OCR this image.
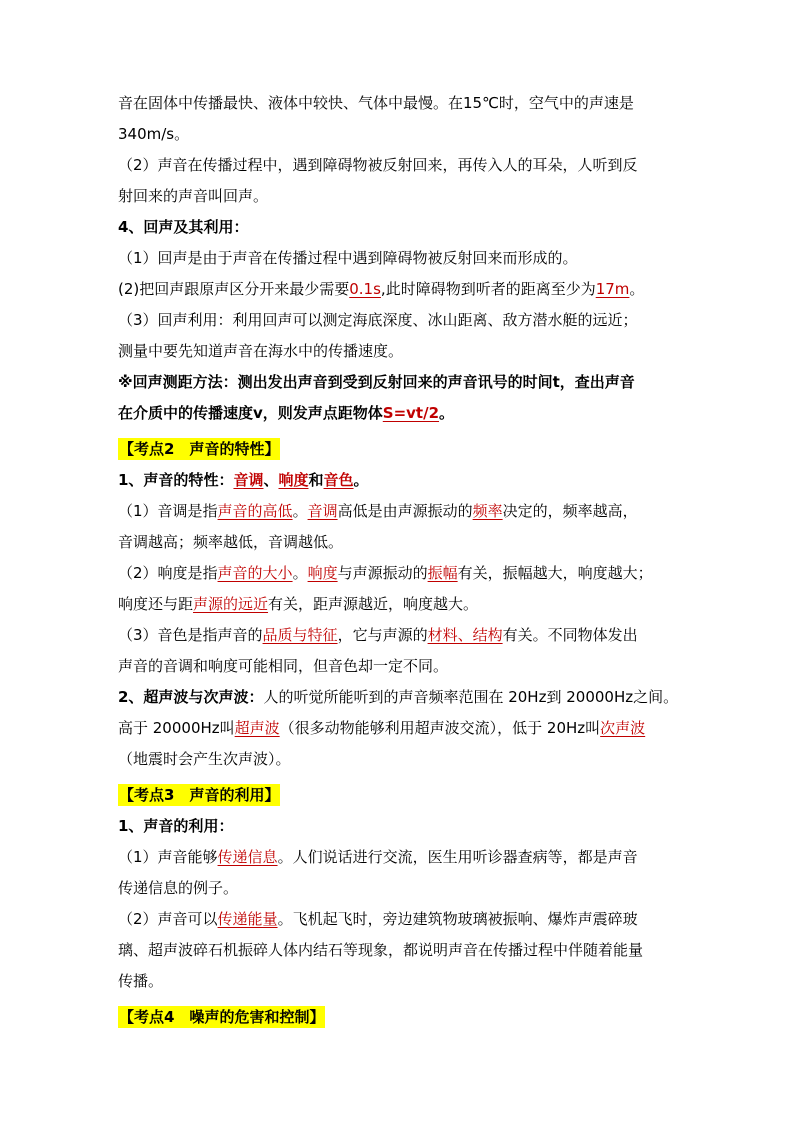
音在固体中传播最快、液体中较快、气体中最慢。在15℃时，空气中的声速是
340m/s。
（2）声音在传播过程中，遇到障碍物被反射回来，再传入人的耳朵，人听到反
射回来的声音叫回声。
4、回声及其利用：
（1）回声是由于声音在传播过程中遇到障碍物被反射回来而形成的。
(2)把回声跟原声区分开来最少需要0.1s,此时障碍物到听者的距离至少为17m。
（3）回声利用：利用回声可以测定海底深度、冰山距离、敌方潜水艇的远近；
测量中要先知道声音在海水中的传播速度。
※回声测距方法：测出发出声音到受到反射回来的声音讯号的时间t，查出声音
在介质中的传播速度v，则发声点距物体S=vt/2。
【考点2　声音的特性】
1、声音的特性：音调、响度和音色。
（1）音调是指声音的高低。音调高低是由声源振动的频率决定的，频率越高，
音调越高；频率越低，音调越低。
（2）响度是指声音的大小。响度与声源振动的振幅有关，振幅越大，响度越大；
响度还与距声源的远近有关，距声源越近，响度越大。
（3）音色是指声音的品质与特征，它与声源的材料、结构有关。不同物体发出
声音的音调和响度可能相同，但音色却一定不同。
2、超声波与次声波：人的听觉所能听到的声音频率范围在 20Hz到 20000Hz之间。
高于 20000Hz叫超声波（很多动物能够利用超声波交流），低于 20Hz叫次声波
（地震时会产生次声波）。
【考点3　声音的利用】
1、声音的利用：
（1）声音能够传递信息。人们说话进行交流，医生用听诊器查病等，都是声音
传递信息的例子。
（2）声音可以传递能量。飞机起飞时，旁边建筑物玻璃被振响、爆炸声震碎玻
璃、超声波碎石机振碎人体内结石等现象，都说明声音在传播过程中伴随着能量
传播。
【考点4　噪声的危害和控制】
